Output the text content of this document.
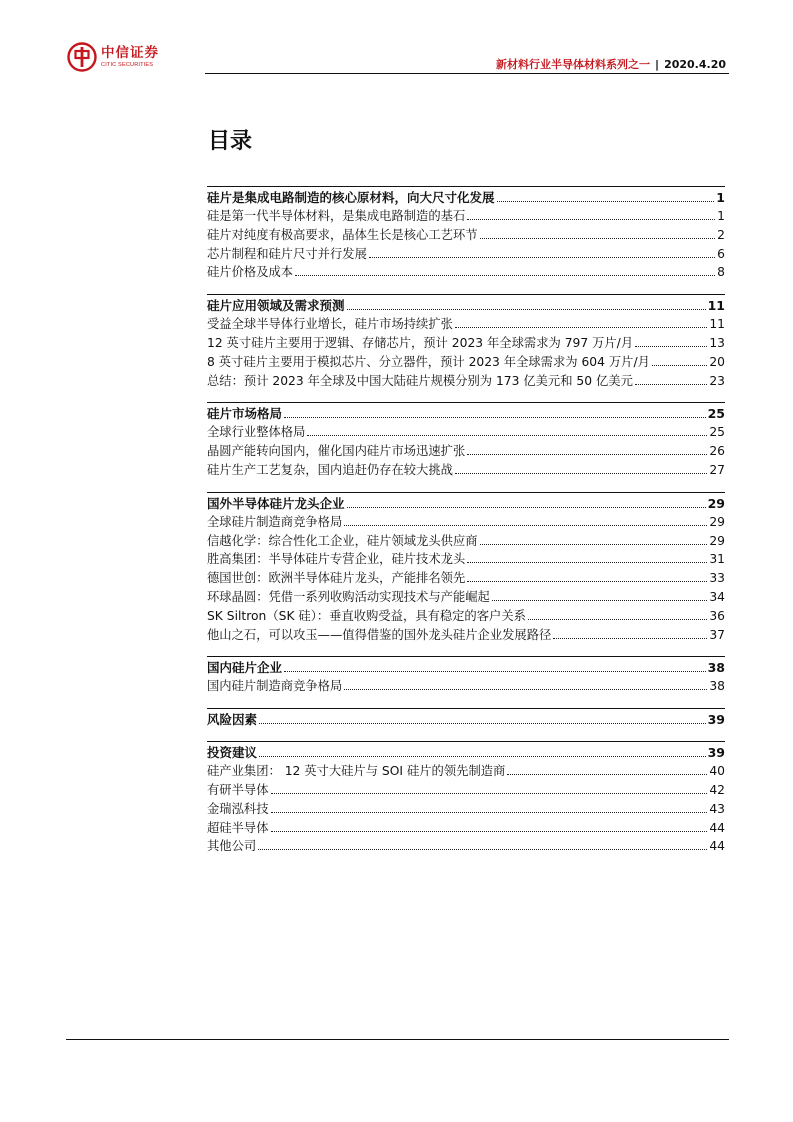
中信证券
CITIC SECURITIES	新材料行业半导体材料系列之一 | 2020.4.20
目录
硅片是集成电路制造的核心原材料，向大尺寸化发展	1
硅是第一代半导体材料，是集成电路制造的基石	1
硅片对纯度有极高要求，晶体生长是核心工艺环节	2
芯片制程和硅片尺寸并行发展	6
硅片价格及成本	8
硅片应用领域及需求预测	11
受益全球半导体行业增长，硅片市场持续扩张	11
12 英寸硅片主要用于逻辑、存储芯片，预计 2023 年全球需求为 797 万片/月	13
8 英寸硅片主要用于模拟芯片、分立器件，预计 2023 年全球需求为 604 万片/月	20
总结：预计 2023 年全球及中国大陆硅片规模分别为 173 亿美元和 50 亿美元	23
硅片市场格局	25
全球行业整体格局	25
晶圆产能转向国内，催化国内硅片市场迅速扩张	26
硅片生产工艺复杂，国内追赶仍存在较大挑战	27
国外半导体硅片龙头企业	29
全球硅片制造商竞争格局	29
信越化学：综合性化工企业，硅片领域龙头供应商	29
胜高集团：半导体硅片专营企业，硅片技术龙头	31
德国世创：欧洲半导体硅片龙头，产能排名领先	33
环球晶圆：凭借一系列收购活动实现技术与产能崛起	34
SK Siltron（SK 硅）：垂直收购受益，具有稳定的客户关系	36
他山之石，可以攻玉——值得借鉴的国外龙头硅片企业发展路径	37
国内硅片企业	38
国内硅片制造商竞争格局	38
风险因素	39
投资建议	39
硅产业集团： 12 英寸大硅片与 SOI 硅片的领先制造商	40
有研半导体	42
金瑞泓科技	43
超硅半导体	44
其他公司	44
